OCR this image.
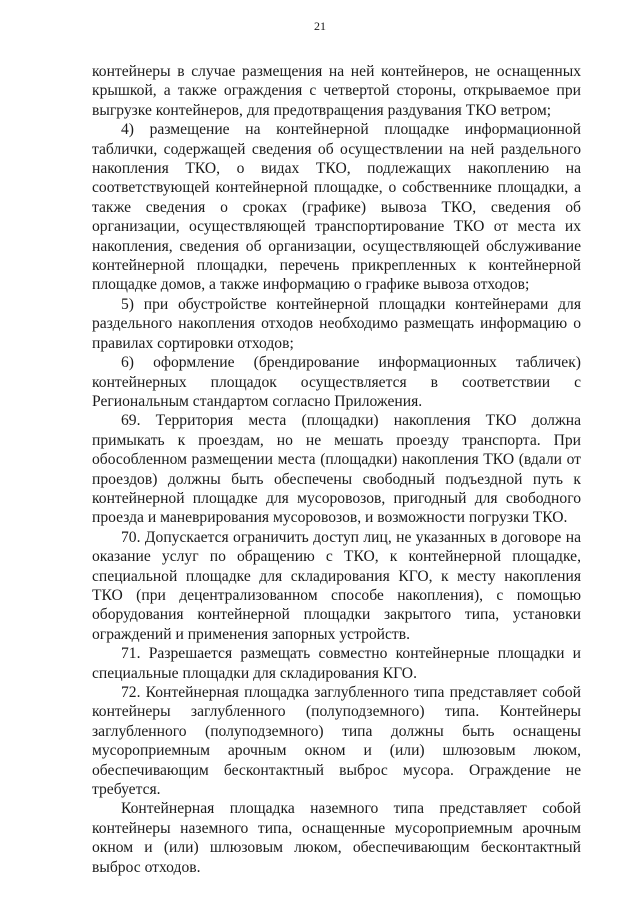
21

контейнеры в случае размещения на ней контейнеров, не оснащенных крышкой, а также ограждения с четвертой стороны, открываемое при выгрузке контейнеров, для предотвращения раздувания ТКО ветром;

4) размещение на контейнерной площадке информационной таблички, содержащей сведения об осуществлении на ней раздельного накопления ТКО, о видах ТКО, подлежащих накоплению на соответствующей контейнерной площадке, о собственнике площадки, а также сведения о сроках (графике) вывоза ТКО, сведения об организации, осуществляющей транспортирование ТКО от места их накопления, сведения об организации, осуществляющей обслуживание контейнерной площадки, перечень прикрепленных к контейнерной площадке домов, а также информацию о графике вывоза отходов;

5) при обустройстве контейнерной площадки контейнерами для раздельного накопления отходов необходимо размещать информацию о правилах сортировки отходов;

6) оформление (брендирование информационных табличек) контейнерных площадок осуществляется в соответствии с Региональным стандартом согласно Приложения.

69. Территория места (площадки) накопления ТКО должна примыкать к проездам, но не мешать проезду транспорта. При обособленном размещении места (площадки) накопления ТКО (вдали от проездов) должны быть обеспечены свободный подъездной путь к контейнерной площадке для мусоровозов, пригодный для свободного проезда и маневрирования мусоровозов, и возможности погрузки ТКО.

70. Допускается ограничить доступ лиц, не указанных в договоре на оказание услуг по обращению с ТКО, к контейнерной площадке, специальной площадке для складирования КГО, к месту накопления ТКО (при децентрализованном способе накопления), с помощью оборудования контейнерной площадки закрытого типа, установки ограждений и применения запорных устройств.

71. Разрешается размещать совместно контейнерные площадки и специальные площадки для складирования КГО.

72. Контейнерная площадка заглубленного типа представляет собой контейнеры заглубленного (полуподземного) типа. Контейнеры заглубленного (полуподземного) типа должны быть оснащены мусороприемным арочным окном и (или) шлюзовым люком, обеспечивающим бесконтактный выброс мусора. Ограждение не требуется.

Контейнерная площадка наземного типа представляет собой контейнеры наземного типа, оснащенные мусороприемным арочным окном и (или) шлюзовым люком, обеспечивающим бесконтактный выброс отходов.
